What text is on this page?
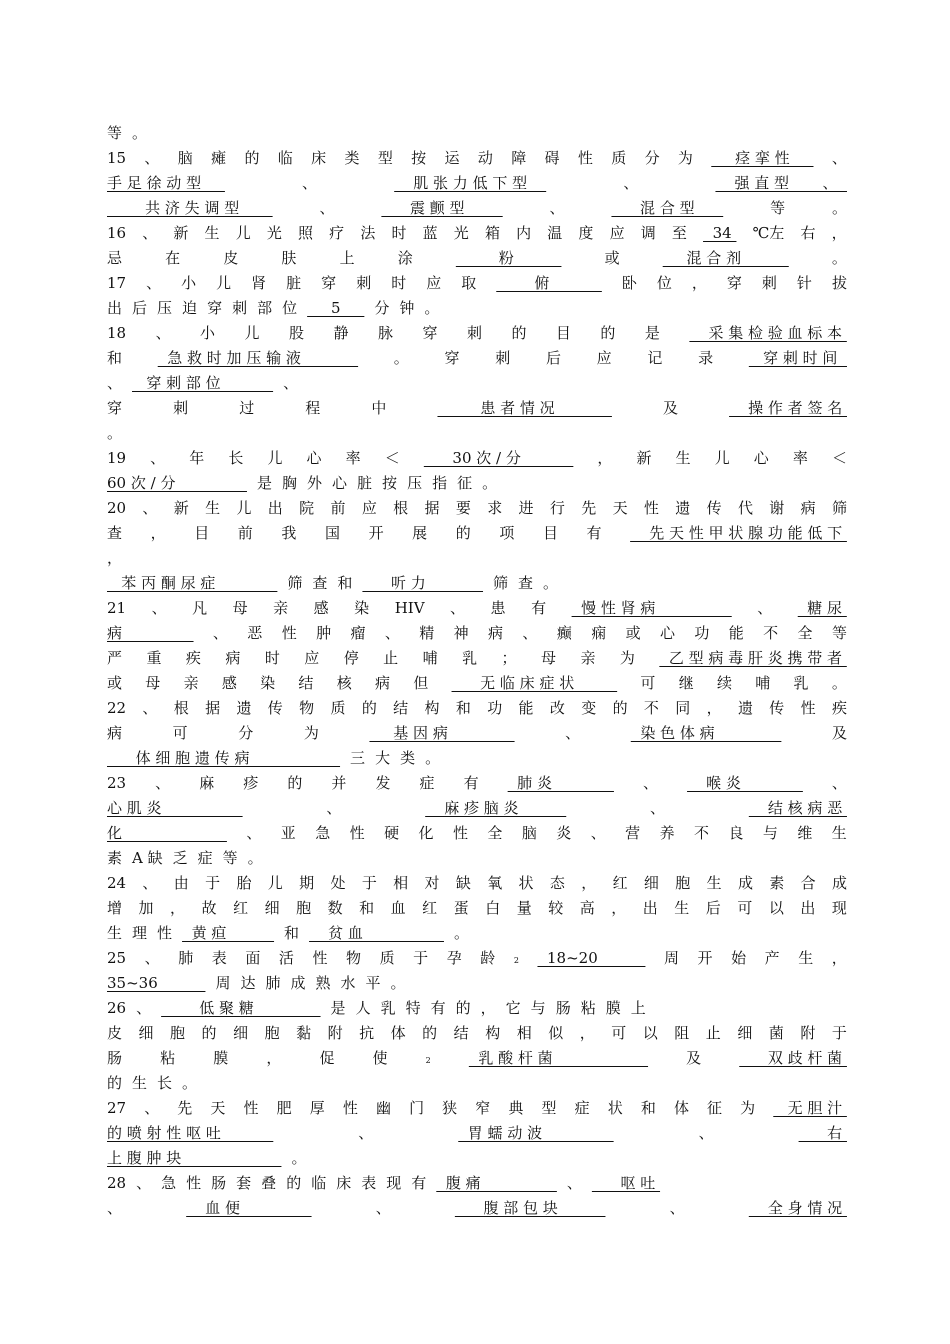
等 。
15 、 脑 瘫 的 临 床 类 型 按 运 动 障 碍 性 质 分 为 痉 挛 性 、
手 足 徐 动 型	、	肌 张 力 低 下 型	、	强 直 型       、
共 济 失 调 型	、	震 颤 型	、	混 合 型	等	。
16 、 新 生 儿 光 照 疗 法 时 蓝 光 箱 内 温 度 应 调 至 34 ℃左 右 ，
忌	在	皮	肤	上	涂	粉	或	混 合 剂	。
17 、 小 儿 肾 脏 穿 刺 时 应 取 俯 卧 位 ， 穿 刺 针 拔
出 后 压 迫 穿 刺 部 位 5 分 钟 。
18 、 小 儿 股 静 脉 穿 刺 的 目 的 是 采 集 检 验 血 标 本
和 急 救 时 加 压 输 液 。 穿 刺 后 应 记 录 穿 刺 时 间
、 穿 刺 部 位 、
穿	刺	过	程	中	患 者 情 况	及	操 作 者 签 名
。
19 、 年 长 儿 心 率 ＜ 30 次 / 分 ， 新 生 儿 心 率 ＜
60 次 / 分 是 胸 外 心 脏 按 压 指 征 。
20 、 新 生 儿 出 院 前 应 根 据 要 求 进 行 先 天 性 遗 传 代 谢 病 筛
查 ， 目 前 我 国 开 展 的 项 目 有 先 天 性 甲 状 腺 功 能 低 下
，
苯 丙 酮 尿 症 筛 查 和 听 力 筛 查 。
21 、 凡 母 亲 感 染 HIV 、 患 有 慢 性 肾 病 、 糖 尿
病 、 恶 性 肿 瘤 、 精 神 病 、 癫 痫 或 心 功 能 不 全 等
严 重 疾 病 时 应 停 止 哺 乳 ； 母 亲 为 乙 型 病 毒 肝 炎 携 带 者
或 母 亲 感 染 结 核 病 但 无 临 床 症 状 可 继 续 哺 乳 。
22 、 根 据 遗 传 物 质 的 结 构 和 功 能 改 变 的 不 同 ， 遗 传 性 疾
病	可	分	为	基 因 病	、	染 色 体 病	及
体 细 胞 遗 传 病 三 大 类 。
23 、 麻 疹 的 并 发 症 有 肺 炎 、 喉 炎 、
心 肌 炎	、	麻 疹 脑 炎	、	结 核 病 恶
化 、 亚 急 性 硬 化 性 全 脑 炎 、 营 养 不 良 与 维 生
素 A 缺 乏 症 等 。
24 、 由 于 胎 儿 期 处 于 相 对 缺 氧 状 态 ， 红 细 胞 生 成 素 合 成
增 加 ， 故 红 细 胞 数 和 血 红 蛋 白 量 较 高 ， 出 生 后 可 以 出 现
生 理 性 黄 疸 和 贫 血 。
25 、 肺 表 面 活 性 物 质 于 孕 龄 2 18~20 周 开 始 产 生 ，
35~36 周 达 肺 成 熟 水 平 。
26 、 低 聚 糖 是 人 乳 特 有 的 ， 它 与 肠 粘 膜 上
皮 细 胞 的 细 胞 黏 附 抗 体 的 结 构 相 似 ， 可 以 阻 止 细 菌 附 于
肠	粘	膜	，	促	使	2	乳 酸 杆 菌	及	双 歧 杆 菌
的 生 长 。
27 、 先 天 性 肥 厚 性 幽 门 狭 窄 典 型 症 状 和 体 征 为 无 胆 汁
的 喷 射 性 呕 吐	、	胃 蠕 动 波	、	右
上 腹 肿 块 。
28 、 急 性 肠 套 叠 的 临 床 表 现 有 腹 痛 、 呕 吐
、	血 便	、	腹 部 包 块	、	全 身 情 况
